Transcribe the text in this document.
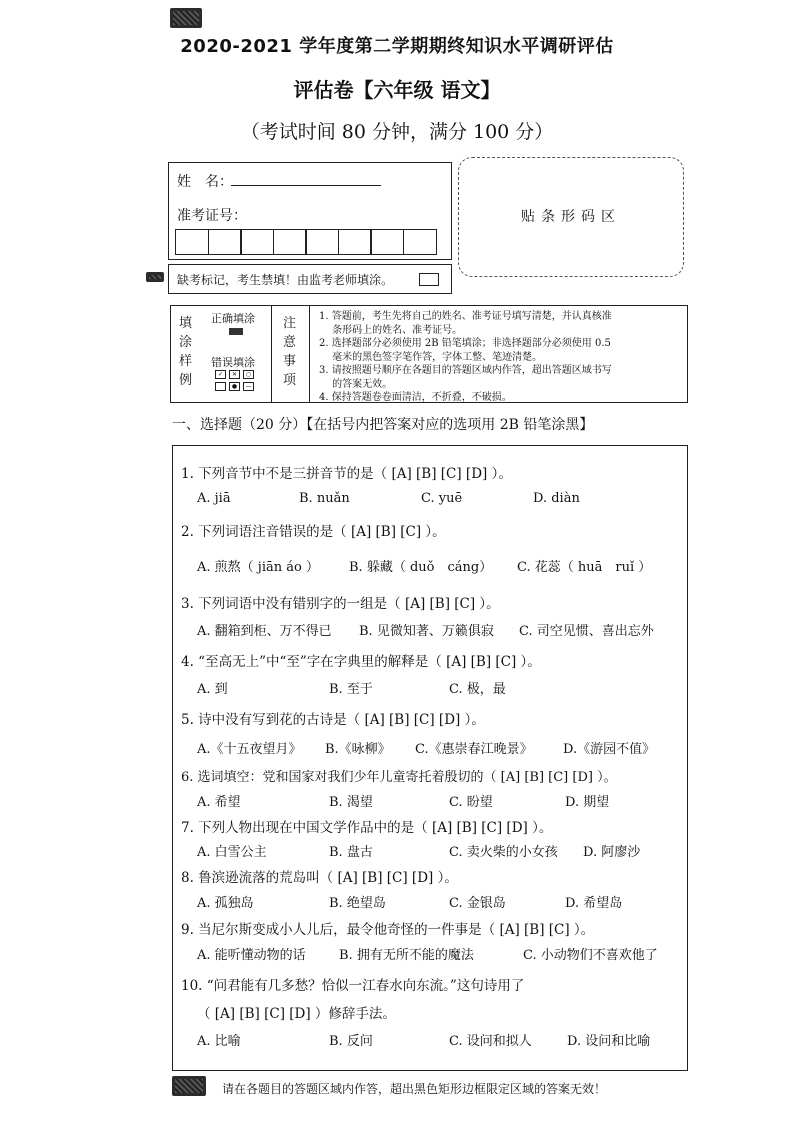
2020-2021 学年度第二学期期终知识水平调研评估
评估卷【六年级 语文】
（考试时间 80 分钟，满分 100 分）
姓　名：
准考证号：	贴条形码区
缺考标记，考生禁填！由监考老师填涂。
填
涂
样
例
正确填涂
错误填涂
✓	✕	○
●	—
注
意
事
项
1. 答题前，考生先将自己的姓名、准考证号填写清楚，并认真核准
　 条形码上的姓名、准考证号。
2. 选择题部分必须使用 2B 铅笔填涂；非选择题部分必须使用 0.5
　 毫米的黑色签字笔作答，字体工整、笔迹清楚。
3. 请按照题号顺序在各题目的答题区域内作答，超出答题区域书写
　 的答案无效。
4. 保持答题卷卷面清洁，不折叠，不破损。
一、选择题（20 分）【在括号内把答案对应的选项用 2B 铅笔涂黑】
1. 下列音节中不是三拼音节的是（ [A] [B] [C] [D] ）。
A. jiā	B. nuǎn	C. yuē	D. diàn
2. 下列词语注音错误的是（ [A] [B] [C] ）。
A. 煎熬（ jiān áo ） B. 躲藏（ duǒ　cáng） C. 花蕊（ huā　ruǐ ）
3. 下列词语中没有错别字的一组是（ [A] [B] [C] ）。
A. 翻箱到柜、万不得已 B. 见微知著、万籁俱寂 C. 司空见惯、喜出忘外
4. “至高无上”中“至”字在字典里的解释是（ [A] [B] [C] ）。
A. 到	B. 至于	C. 极，最
5. 诗中没有写到花的古诗是（ [A] [B] [C] [D] ）。
A.《十五夜望月》 B.《咏柳》 C.《惠崇春江晚景》 D.《游园不值》
6. 选词填空：党和国家对我们少年儿童寄托着殷切的（ [A] [B] [C] [D] ）。
A. 希望	B. 渴望	C. 盼望	D. 期望
7. 下列人物出现在中国文学作品中的是（ [A] [B] [C] [D] ）。
A. 白雪公主	B. 盘古	C. 卖火柴的小女孩 D. 阿廖沙
8. 鲁滨逊流落的荒岛叫（ [A] [B] [C] [D] ）。
A. 孤独岛	B. 绝望岛	C. 金银岛	D. 希望岛
9. 当尼尔斯变成小人儿后，最令他奇怪的一件事是（ [A] [B] [C] ）。
A. 能听懂动物的话	B. 拥有无所不能的魔法	C. 小动物们不喜欢他了
10. “问君能有几多愁？恰似一江春水向东流。”这句诗用了
（ [A] [B] [C] [D] ）修辞手法。
A. 比喻	B. 反问	C. 设问和拟人	D. 设问和比喻
请在各题目的答题区域内作答，超出黑色矩形边框限定区域的答案无效！
